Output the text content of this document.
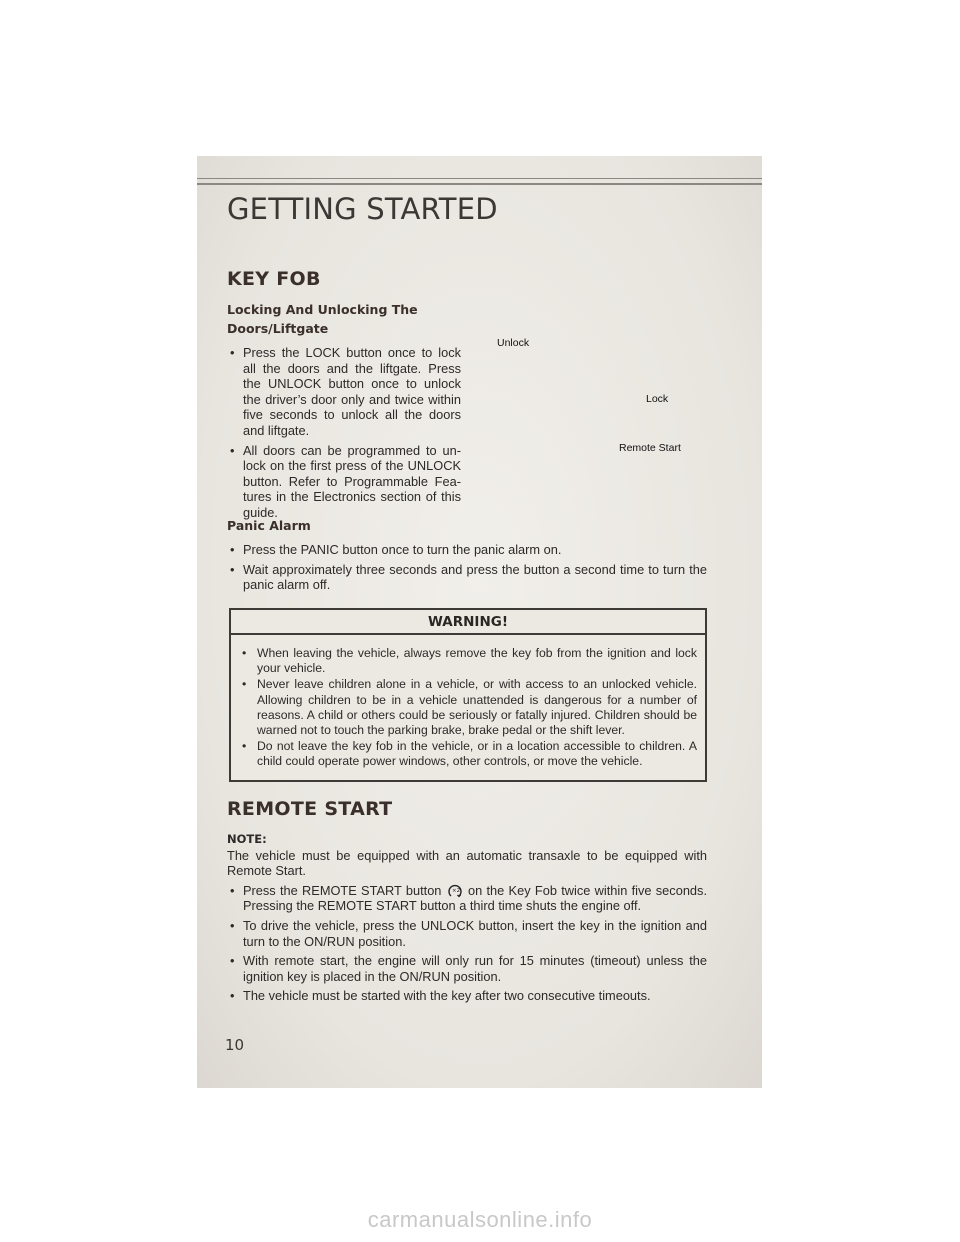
GETTING STARTED
KEY FOB
Locking And Unlocking The
Doors/Liftgate
• Press the LOCK button once to lock all the doors and the liftgate. Press the UNLOCK button once to unlock the driver’s door only and twice within five seconds to unlock all the doors and liftgate.
• All doors can be programmed to un- lock on the first press of the UNLOCK button. Refer to Programmable Fea- tures in the Electronics section of this guide.
Unlock
Lock
Remote Start
Panic Alarm
• Press the PANIC button once to turn the panic alarm on.
• Wait approximately three seconds and press the button a second time to turn the panic alarm off.
WARNING!
• When leaving the vehicle, always remove the key fob from the ignition and lock your vehicle.
• Never leave children alone in a vehicle, or with access to an unlocked vehicle. Allowing children to be in a vehicle unattended is dangerous for a number of reasons. A child or others could be seriously or fatally injured. Children should be warned not to touch the parking brake, brake pedal or the shift lever.
• Do not leave the key fob in the vehicle, or in a location accessible to children. A child could operate power windows, other controls, or move the vehicle.
REMOTE START
NOTE:
The vehicle must be equipped with an automatic transaxle to be equipped with Remote Start.
• Press the REMOTE START button ×2 on the Key Fob twice within five seconds. Pressing the REMOTE START button a third time shuts the engine off.
• To drive the vehicle, press the UNLOCK button, insert the key in the ignition and turn to the ON/RUN position.
• With remote start, the engine will only run for 15 minutes (timeout) unless the ignition key is placed in the ON/RUN position.
• The vehicle must be started with the key after two consecutive timeouts.
10
carmanualsonline.info
